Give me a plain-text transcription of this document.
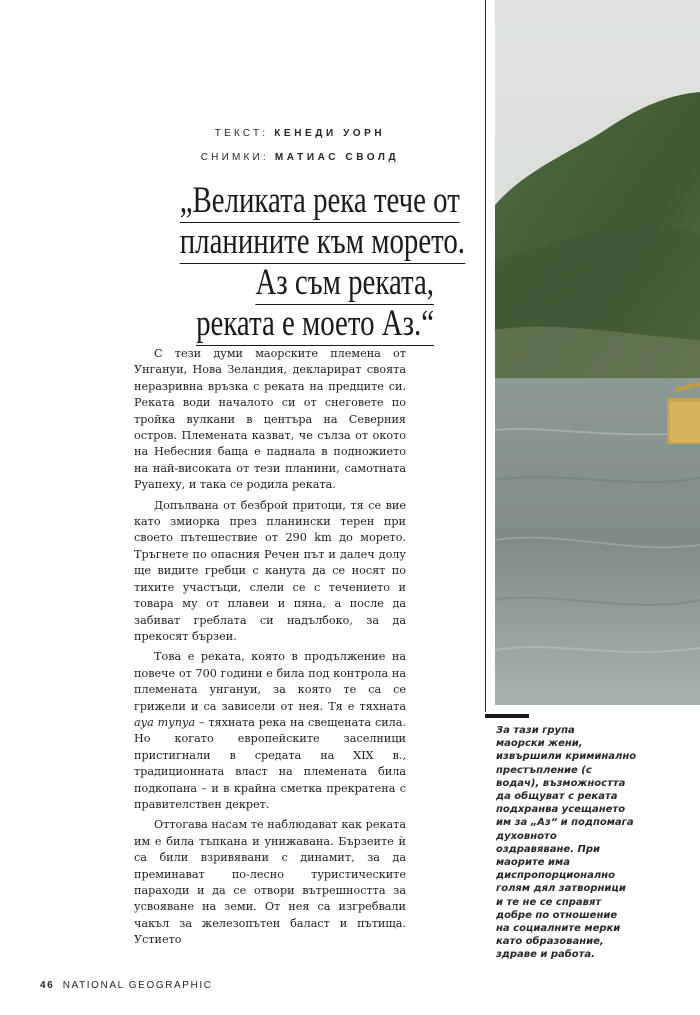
ТЕКСТ: КЕНЕДИ УОРН
СНИМКИ: МАТИАС СВОЛД
„Великата река тече от
планините към морето.
Аз съм реката,
реката е моето Аз.“

С тези думи маорските племена от Унгануи, Нова Зеландия, декларират своята неразривна връзка с реката на предците си. Реката води началото си от снеговете по тройка вулкани в центъра на Северния остров. Племената казват, че сълза от окото на Небесния баща е паднала в подножието на най-високата от тези планини, самотната Руапеху, и така се родила реката.

Допълвана от безброй притоци, тя се вие като змиорка през планински терен при своето пътешествие от 290 km до морето. Тръгнете по опасния Речен път и далеч долу ще видите гребци с канута да се носят по тихите участъци, слели се с течението и товара му от плавеи и пяна, а после да забиват греблата си надълбоко, за да прекосят бързеи.

Това е реката, която в продължение на повече от 700 години е била под контрола на племената унгануи, за която те са се грижели и са зависели от нея. Тя е тяхната ауа тупуа – тяхната река на свещената сила. Но когато европейските заселници пристигнали в средата на XIX в., традиционната власт на племената била подкопана – и в крайна сметка прекратена с правителствен декрет.

Оттогава насам те наблюдават как реката им е била тъпкана и унижавана. Бързеите ѝ са били взривявани с динамит, за да преминават по-лесно туристическите параходи и да се отвори вътрешността за усвояване на земи. От нея са изгребвали чакъл за железопътен баласт и пътища. Устието

46 NATIONAL GEOGRAPHIC
За тази група
маорски жени,
извършили криминално
престъпление (с
водач), възможността
да общуват с реката
подхранва усещането
им за „Аз“ и подпомага
духовното
оздравяване. При
маорите има
диспропорционално
голям дял затворници
и те не се справят
добре по отношение
на социалните мерки
като образование,
здраве и работа.
